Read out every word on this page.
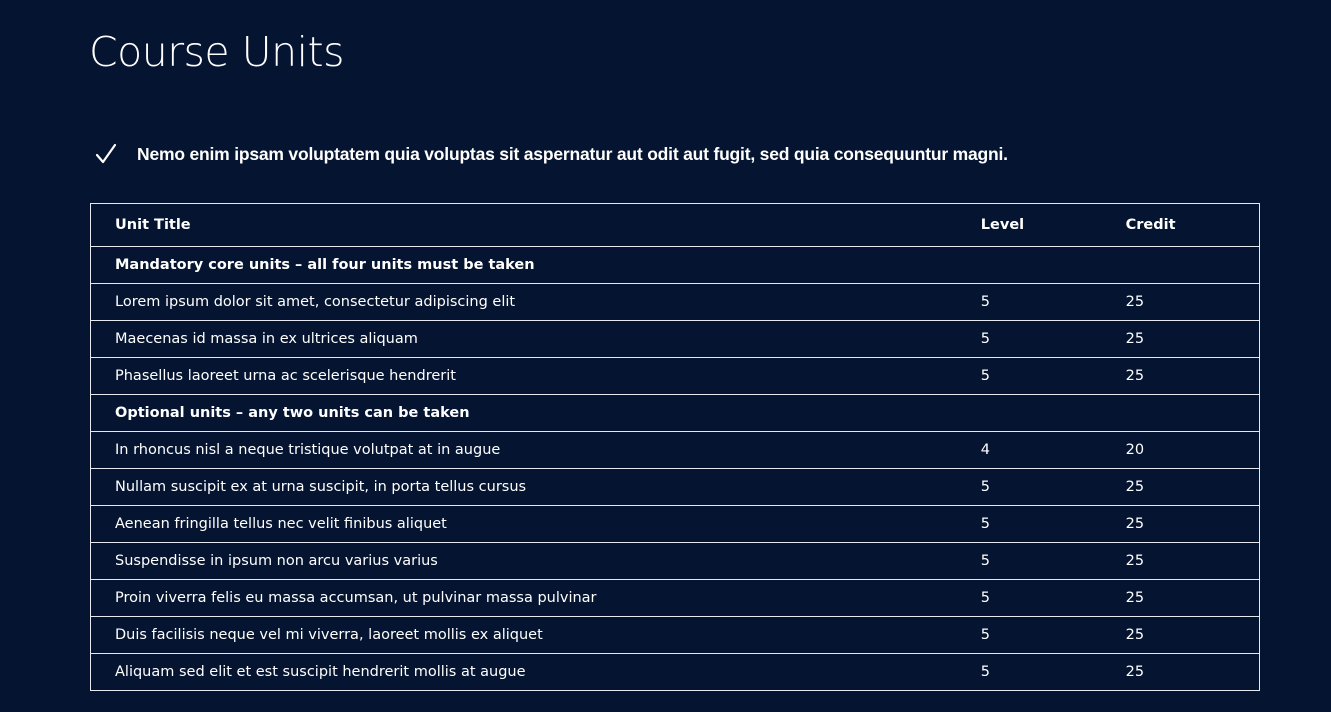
Course Units
Nemo enim ipsam voluptatem quia voluptas sit aspernatur aut odit aut fugit, sed quia consequuntur magni.
Unit Title	Level	Credit
Mandatory core units – all four units must be taken		
Lorem ipsum dolor sit amet, consectetur adipiscing elit	5	25
Maecenas id massa in ex ultrices aliquam	5	25
Phasellus laoreet urna ac scelerisque hendrerit	5	25
Optional units – any two units can be taken		
In rhoncus nisl a neque tristique volutpat at in augue	4	20
Nullam suscipit ex at urna suscipit, in porta tellus cursus	5	25
Aenean fringilla tellus nec velit finibus aliquet	5	25
Suspendisse in ipsum non arcu varius varius	5	25
Proin viverra felis eu massa accumsan, ut pulvinar massa pulvinar	5	25
Duis facilisis neque vel mi viverra, laoreet mollis ex aliquet	5	25
Aliquam sed elit et est suscipit hendrerit mollis at augue	5	25
